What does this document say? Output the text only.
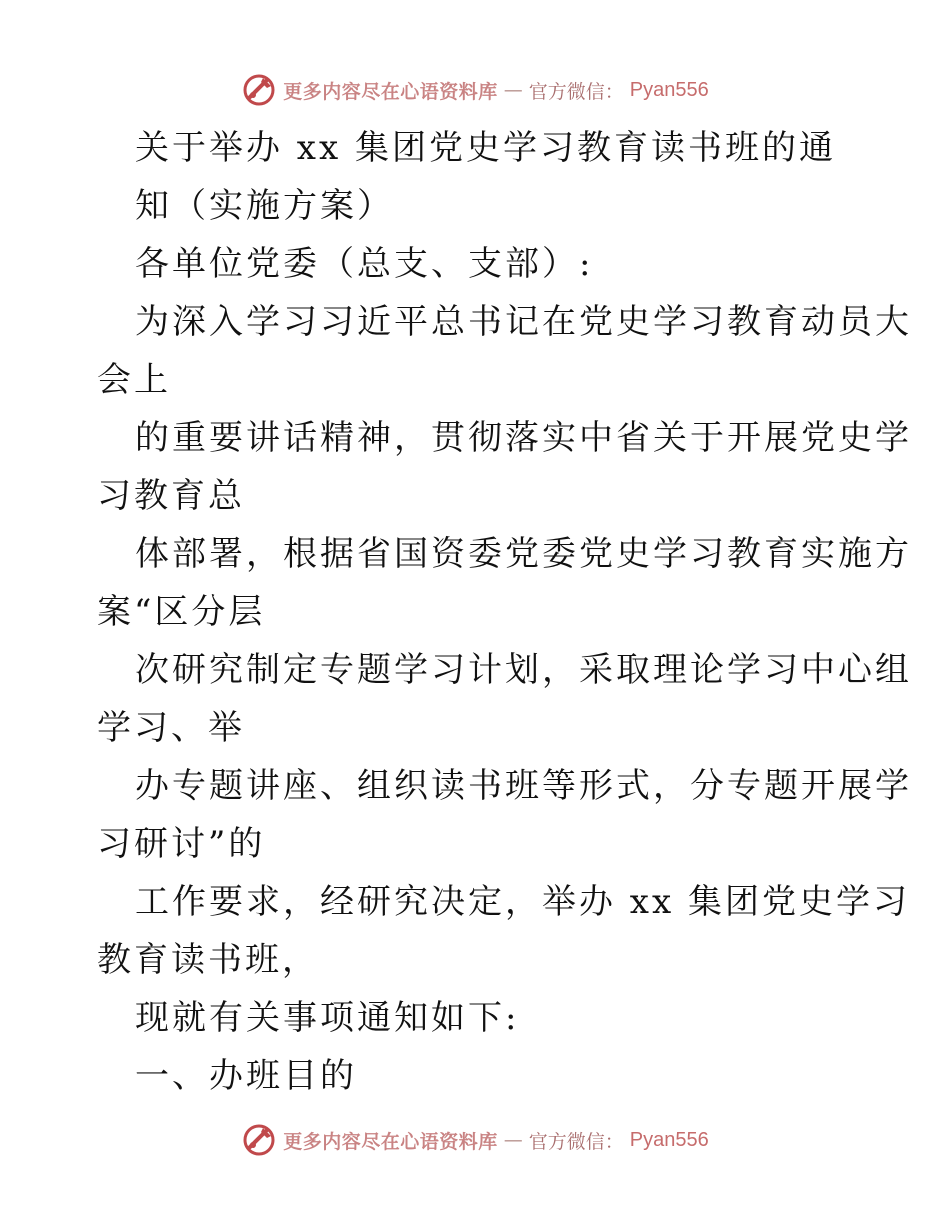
更多内容尽在心语资料库 — 官方微信： Pyan556
关于举办 xx 集团党史学习教育读书班的通
知（实施方案）
各单位党委（总支、支部）:
为深入学习习近平总书记在党史学习教育动员大
会上
的重要讲话精神，贯彻落实中省关于开展党史学
习教育总
体部署，根据省国资委党委党史学习教育实施方
案“区分层
次研究制定专题学习计划，采取理论学习中心组
学习、举
办专题讲座、组织读书班等形式，分专题开展学
习研讨”的
工作要求，经研究决定，举办 xx 集团党史学习
教育读书班，
现就有关事项通知如下:
一、办班目的
更多内容尽在心语资料库 — 官方微信： Pyan556
